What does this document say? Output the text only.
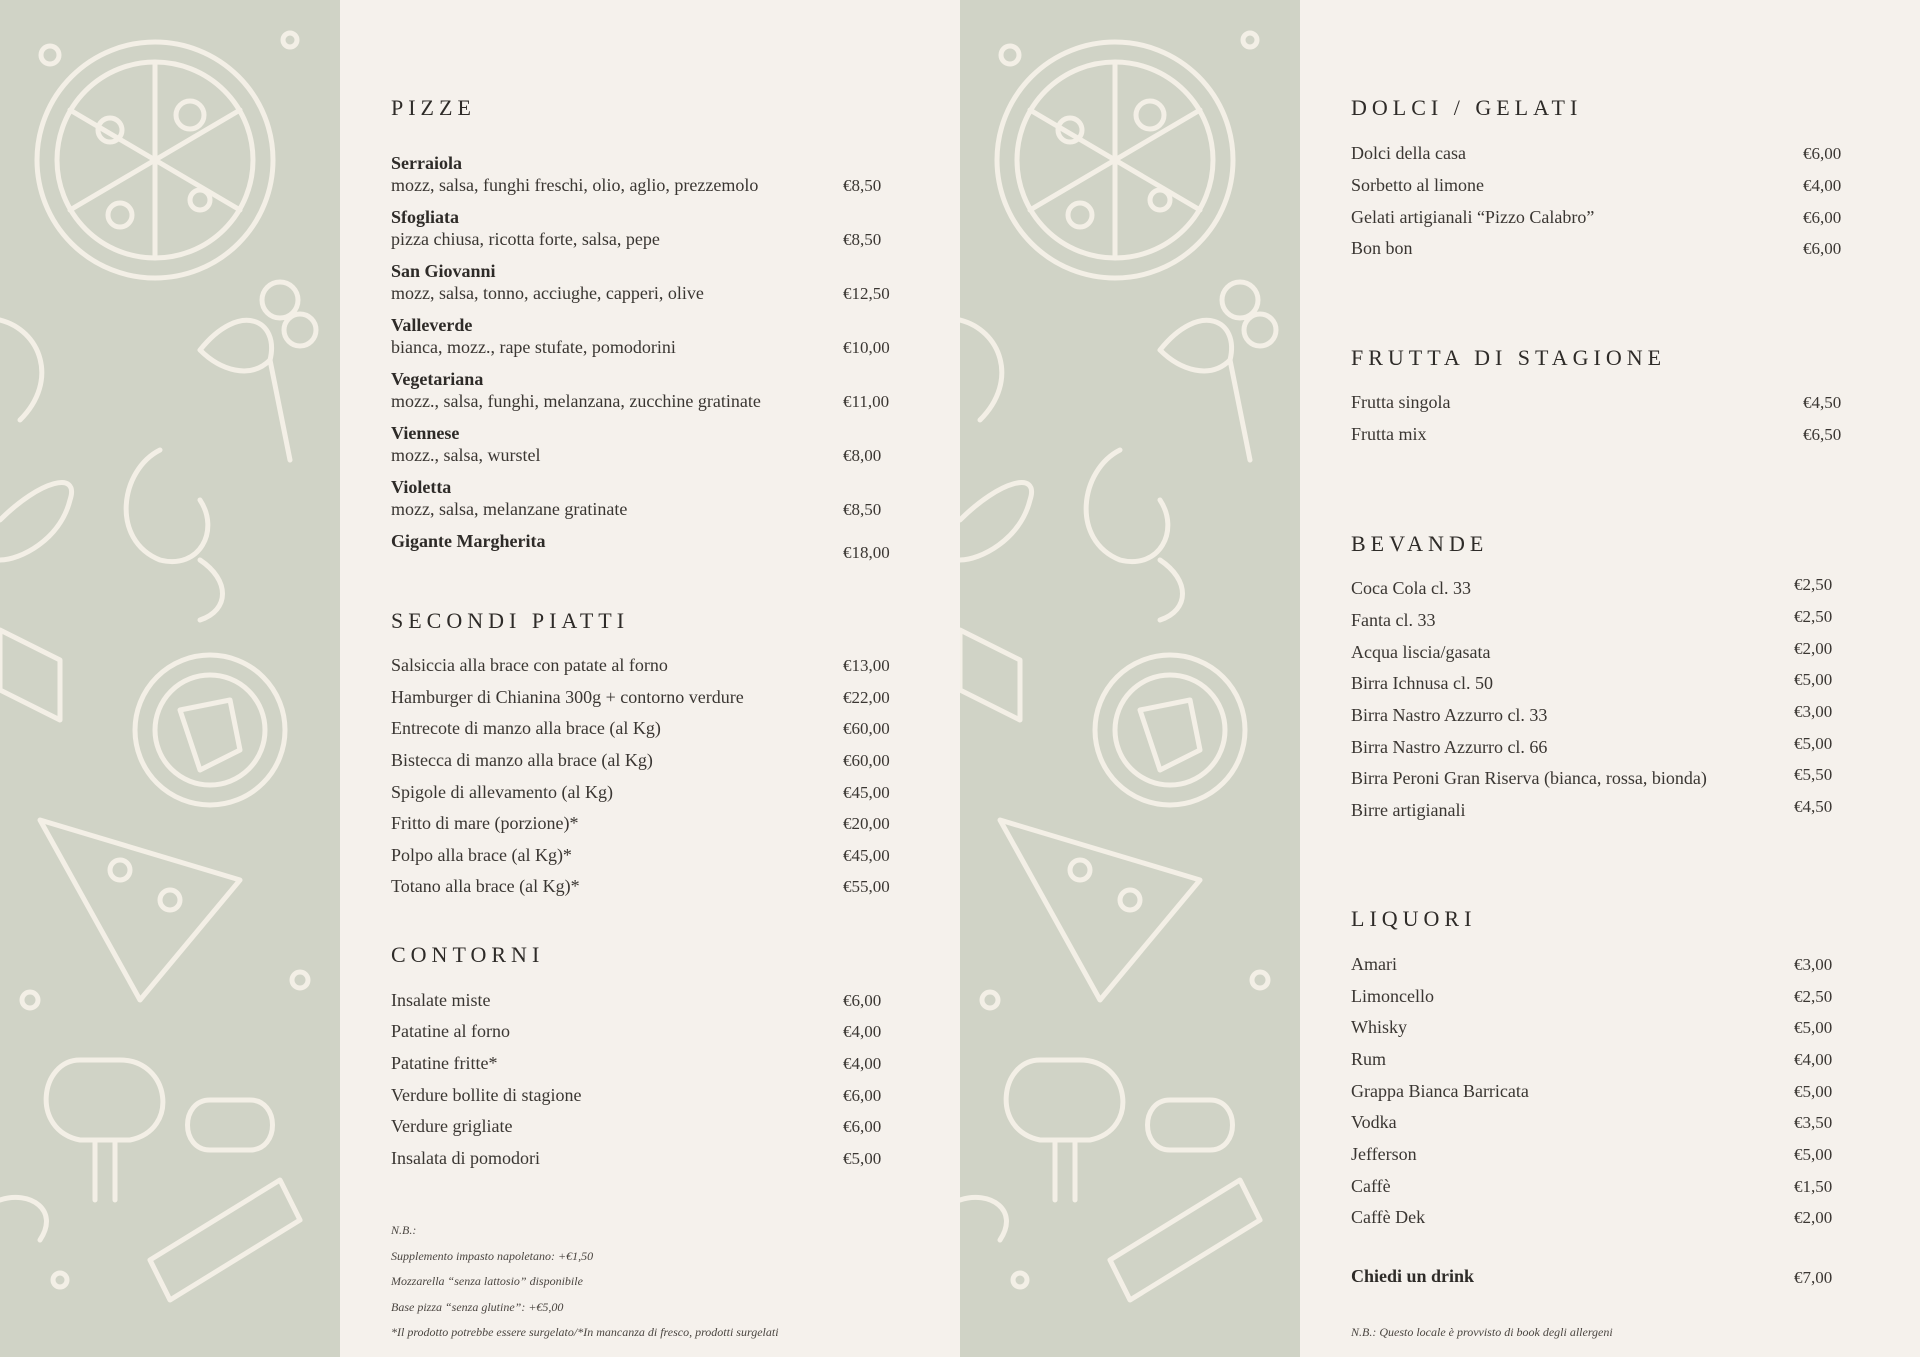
PIZZE
Serraiola
mozz, salsa, funghi freschi, olio, aglio, prezzemolo	€8,50
Sfogliata
pizza chiusa, ricotta forte, salsa, pepe	€8,50
San Giovanni
mozz, salsa, tonno, acciughe, capperi, olive	€12,50
Valleverde
bianca, mozz., rape stufate, pomodorini	€10,00
Vegetariana
mozz., salsa, funghi, melanzana, zucchine gratinate	€11,00
Viennese
mozz., salsa, wurstel	€8,00
Violetta
mozz, salsa, melanzane gratinate	€8,50
Gigante Margherita
€18,00
SECONDI PIATTI
Salsiccia alla brace con patate al forno	€13,00
Hamburger di Chianina 300g + contorno verdure	€22,00
Entrecote di manzo alla brace (al Kg)	€60,00
Bistecca di manzo alla brace (al Kg)	€60,00
Spigole di allevamento (al Kg)	€45,00
Fritto di mare (porzione)*	€20,00
Polpo alla brace (al Kg)*	€45,00
Totano alla brace (al Kg)*	€55,00
CONTORNI
Insalate miste	€6,00
Patatine al forno	€4,00
Patatine fritte*	€4,00
Verdure bollite di stagione	€6,00
Verdure grigliate	€6,00
Insalata di pomodori	€5,00
N.B.:
Supplemento impasto napoletano: +€1,50
Mozzarella “senza lattosio” disponibile
Base pizza “senza glutine”: +€5,00
*Il prodotto potrebbe essere surgelato/*In mancanza di fresco, prodotti surgelati
DOLCI / GELATI
Dolci della casa	€6,00
Sorbetto al limone	€4,00
Gelati artigianali “Pizzo Calabro”	€6,00
Bon bon	€6,00
FRUTTA DI STAGIONE
Frutta singola	€4,50
Frutta mix	€6,50
BEVANDE
Coca Cola cl. 33	€2,50
Fanta cl. 33	€2,50
Acqua liscia/gasata	€2,00
Birra Ichnusa cl. 50	€5,00
Birra Nastro Azzurro cl. 33	€3,00
Birra Nastro Azzurro cl. 66	€5,00
Birra Peroni Gran Riserva (bianca, rossa, bionda)	€5,50
Birre artigianali	€4,50
LIQUORI
Amari	€3,00
Limoncello	€2,50
Whisky	€5,00
Rum	€4,00
Grappa Bianca Barricata	€5,00
Vodka	€3,50
Jefferson	€5,00
Caffè	€1,50
Caffè Dek	€2,00
Chiedi un drink	€7,00
N.B.: Questo locale è provvisto di book degli allergeni
